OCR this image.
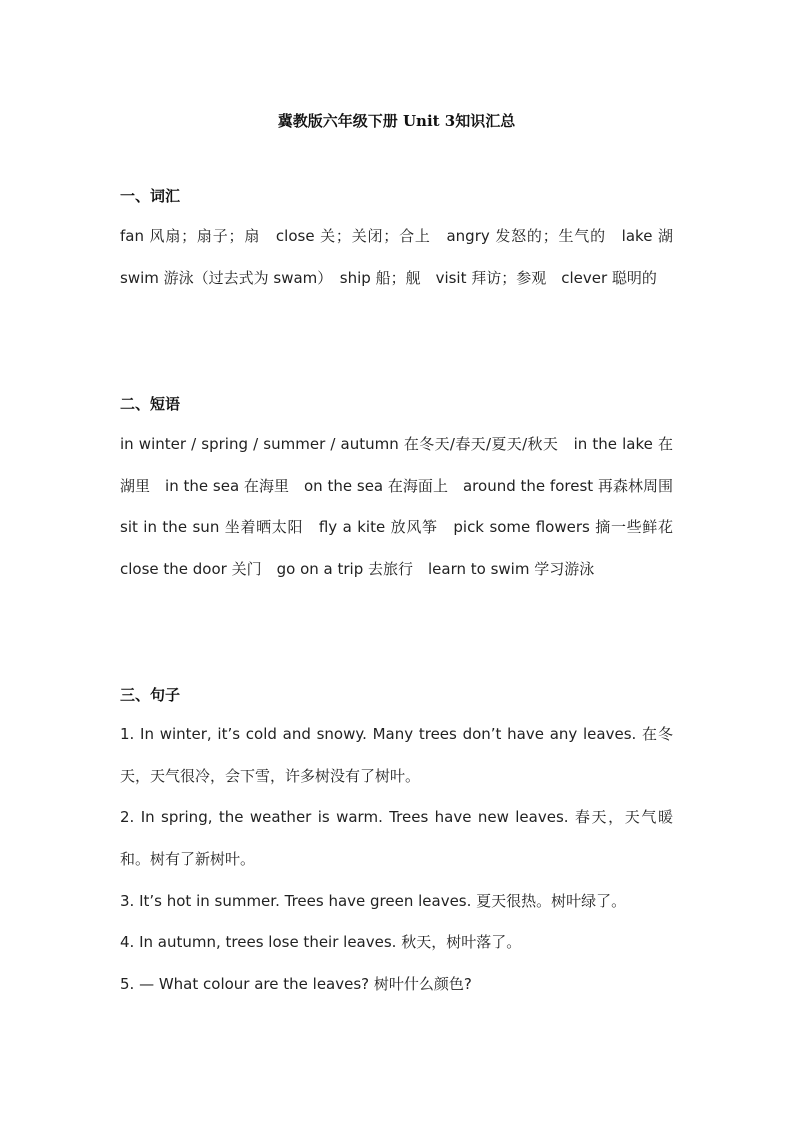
冀教版六年级下册 Unit 3知识汇总
一、词汇
fan 风扇；扇子；扇　close 关；关闭；合上　angry 发怒的；生气的　lake 湖　swim 游泳（过去式为 swam）　ship 船；舰　visit 拜访；参观　clever 聪明的
二、短语
in winter / spring / summer / autumn 在冬天/春天/夏天/秋天　in the lake 在湖里　in the sea 在海里　on the sea 在海面上　around the forest 再森林周围　sit in the sun 坐着晒太阳　fly a kite 放风筝　pick some flowers 摘一些鲜花　close the door 关门　go on a trip 去旅行　learn to swim 学习游泳
三、句子
1. In winter, it’s cold and snowy. Many trees don’t have any leaves. 在冬天，天气很冷，会下雪，许多树没有了树叶。
2. In spring, the weather is warm. Trees have new leaves. 春天，天气暖和。树有了新树叶。
3. It’s hot in summer. Trees have green leaves. 夏天很热。树叶绿了。
4. In autumn, trees lose their leaves. 秋天，树叶落了。
5. — What colour are the leaves? 树叶什么颜色?
